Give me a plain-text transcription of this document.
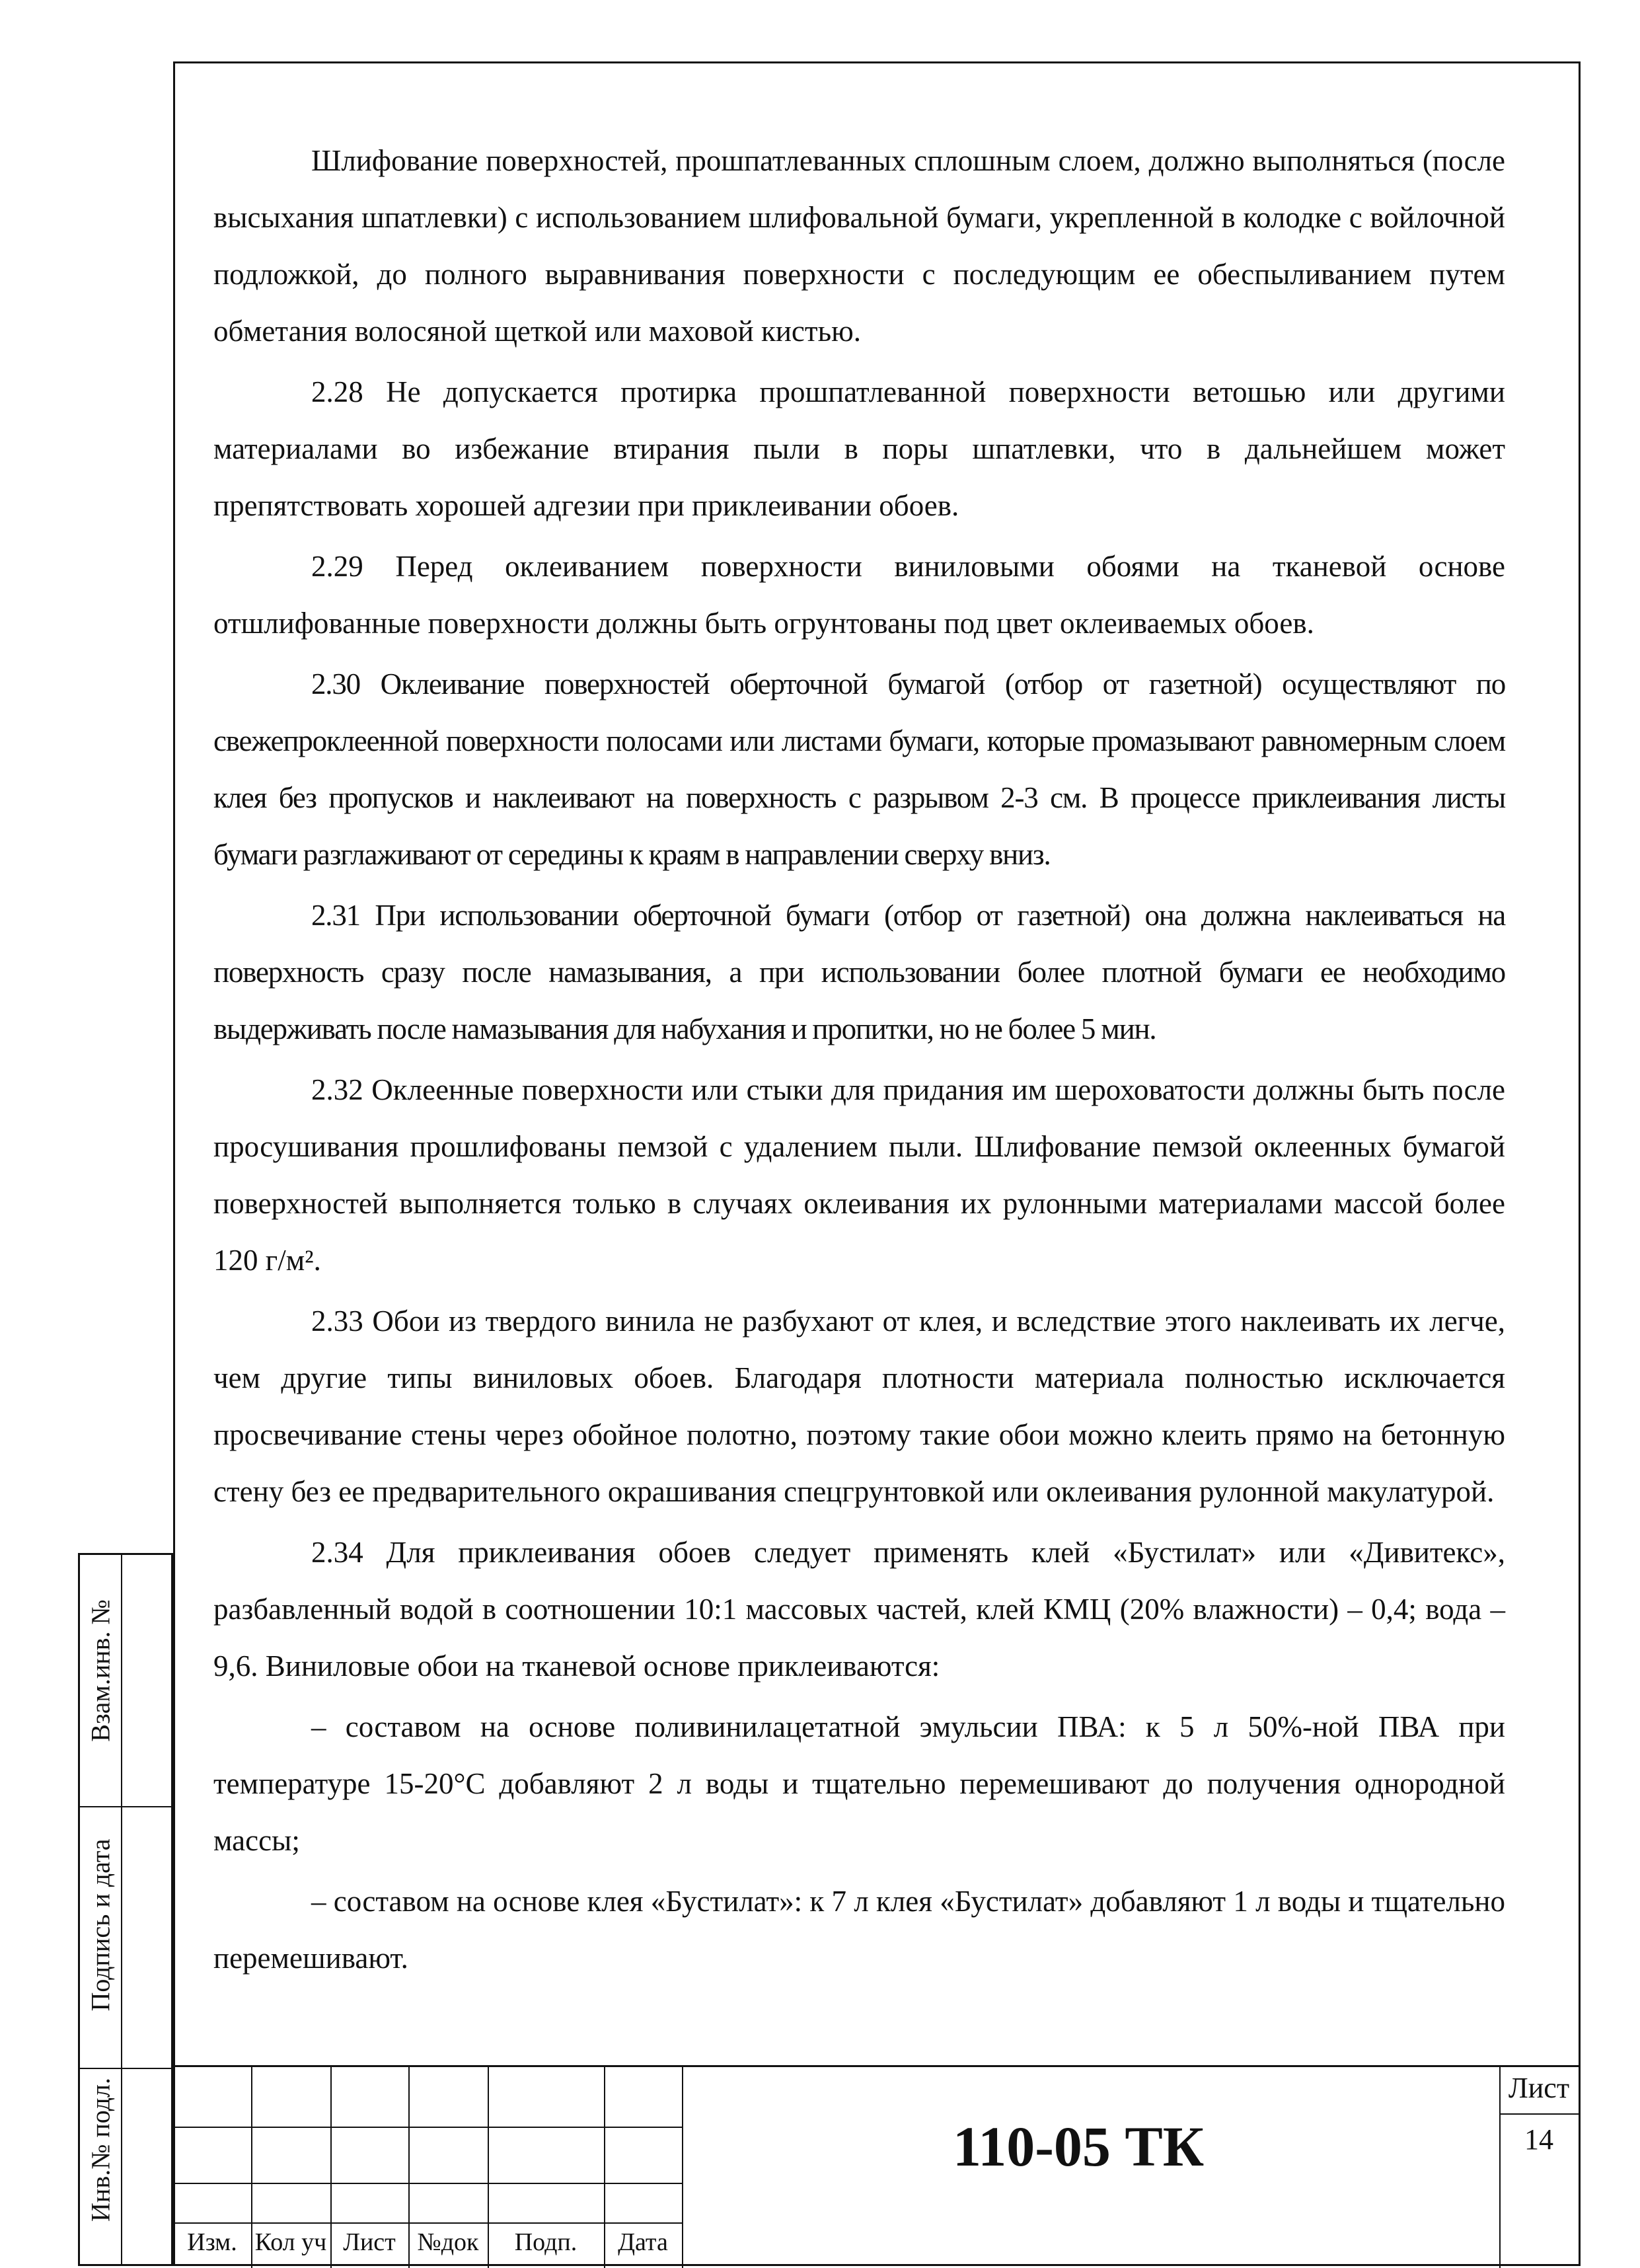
Шлифование поверхностей, прошпатлеванных сплошным слоем, должно выполняться (после высыхания шпатлевки) с использованием шлифовальной бумаги, укрепленной в колодке с войлочной подложкой, до полного выравнивания поверхности с последующим ее обеспыливанием путем обметания волосяной щеткой или маховой кистью.

2.28 Не допускается протирка прошпатлеванной поверхности ветошью или другими материалами во избежание втирания пыли в поры шпатлевки, что в дальнейшем может препятствовать хорошей адгезии при приклеивании обоев.

2.29 Перед оклеиванием поверхности виниловыми обоями на тканевой основе отшлифованные поверхности должны быть огрунтованы под цвет оклеиваемых обоев.

2.30 Оклеивание поверхностей оберточной бумагой (отбор от газетной) осуществляют по свежепроклеенной поверхности полосами или листами бумаги, которые промазывают равномерным слоем клея без пропусков и наклеивают на поверхность с разрывом 2-3 см. В процессе приклеивания листы бумаги разглаживают от середины к краям в направлении сверху вниз.

2.31 При использовании оберточной бумаги (отбор от газетной) она должна наклеиваться на поверхность сразу после намазывания, а при использовании более плотной бумаги ее необходимо выдерживать после намазывания для набухания и пропитки, но не более 5 мин.

2.32 Оклеенные поверхности или стыки для придания им шероховатости должны быть после просушивания прошлифованы пемзой с удалением пыли. Шлифование пемзой оклеенных бумагой поверхностей выполняется только в случаях оклеивания их рулонными материалами массой более 120 г/м².

2.33 Обои из твердого винила не разбухают от клея, и вследствие этого наклеивать их легче, чем другие типы виниловых обоев. Благодаря плотности материала полностью исключается просвечивание стены через обойное полотно, поэтому такие обои можно клеить прямо на бетонную стену без ее предварительного окрашивания спецгрунтовкой или оклеивания рулонной макулатурой.

2.34 Для приклеивания обоев следует применять клей «Бустилат» или «Дивитекс», разбавленный водой в соотношении 10:1 массовых частей, клей КМЦ (20% влажности) – 0,4; вода – 9,6. Виниловые обои на тканевой основе приклеиваются:

– составом на основе поливинилацетатной эмульсии ПВА: к 5 л 50%-ной ПВА при температуре 15-20°С добавляют 2 л воды и тщательно перемешивают до получения однородной массы;

– составом на основе клея «Бустилат»: к 7 л клея «Бустилат» добавляют 1 л воды и тщательно перемешивают.

Взам.инв. №
Подпись и дата
Инв.№ подл.
Изм. Кол уч Лист №док	Подп.	Дата
110-05 ТК
Лист
14
